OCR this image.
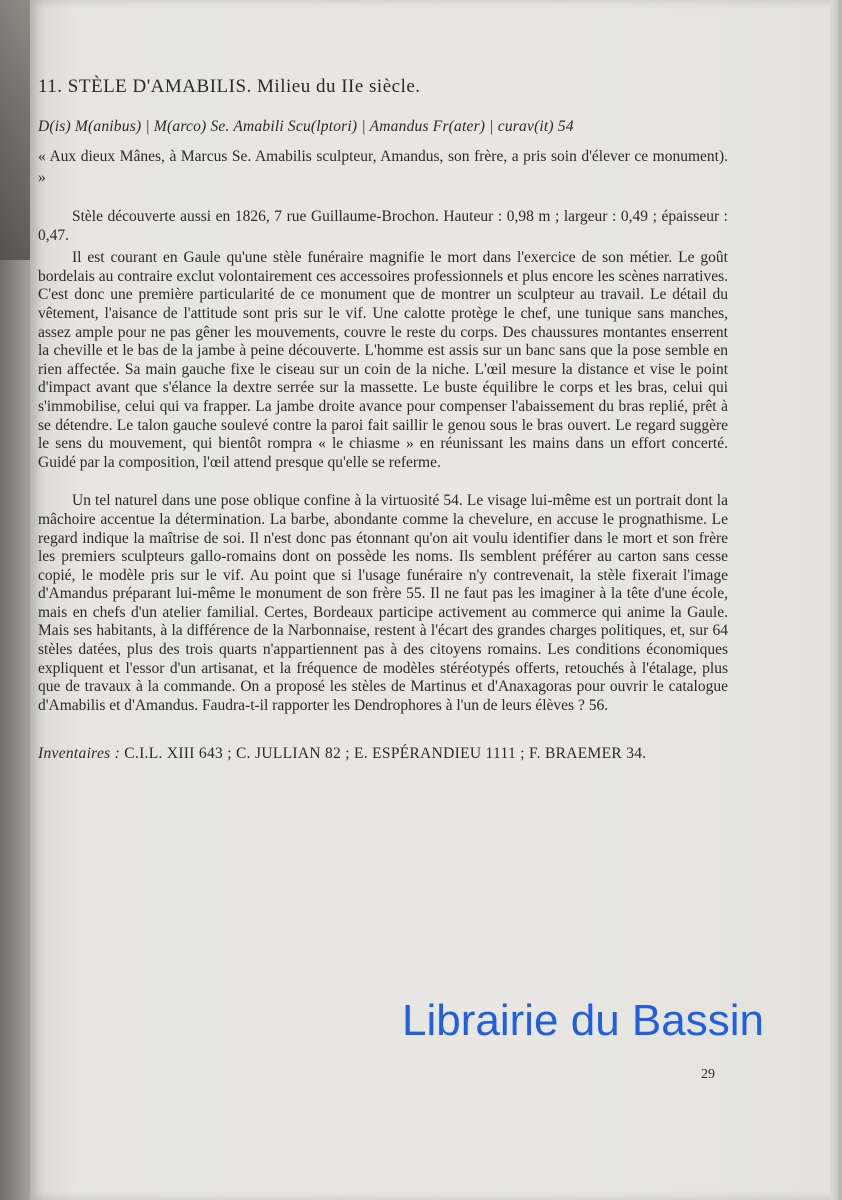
11. STÈLE D'AMABILIS. Milieu du IIe siècle.
D(is) M(anibus) | M(arco) Se. Amabili Scu(lptori) | Amandus Fr(ater) | curav(it) 54
« Aux dieux Mânes, à Marcus Se. Amabilis sculpteur, Amandus, son frère, a pris soin d'élever ce monument). »

Stèle découverte aussi en 1826, 7 rue Guillaume-Brochon. Hauteur : 0,98 m ; largeur : 0,49 ; épaisseur : 0,47.

Il est courant en Gaule qu'une stèle funéraire magnifie le mort dans l'exercice de son métier. Le goût bordelais au contraire exclut volontairement ces accessoires professionnels et plus encore les scènes narratives. C'est donc une première particularité de ce monument que de montrer un sculpteur au travail. Le détail du vêtement, l'aisance de l'attitude sont pris sur le vif. Une calotte protège le chef, une tunique sans manches, assez ample pour ne pas gêner les mouvements, couvre le reste du corps. Des chaussures montantes enserrent la cheville et le bas de la jambe à peine découverte. L'homme est assis sur un banc sans que la pose semble en rien affectée. Sa main gauche fixe le ciseau sur un coin de la niche. L'œil mesure la distance et vise le point d'impact avant que s'élance la dextre serrée sur la massette. Le buste équilibre le corps et les bras, celui qui s'immobilise, celui qui va frapper. La jambe droite avance pour compenser l'abaissement du bras replié, prêt à se détendre. Le talon gauche soulevé contre la paroi fait saillir le genou sous le bras ouvert. Le regard suggère le sens du mouvement, qui bientôt rompra « le chiasme » en réunissant les mains dans un effort concerté. Guidé par la composition, l'œil attend presque qu'elle se referme.

Un tel naturel dans une pose oblique confine à la virtuosité 54. Le visage lui-même est un portrait dont la mâchoire accentue la détermination. La barbe, abondante comme la chevelure, en accuse le prognathisme. Le regard indique la maîtrise de soi. Il n'est donc pas étonnant qu'on ait voulu identifier dans le mort et son frère les premiers sculpteurs gallo-romains dont on possède les noms. Ils semblent préférer au carton sans cesse copié, le modèle pris sur le vif. Au point que si l'usage funéraire n'y contrevenait, la stèle fixerait l'image d'Amandus préparant lui-même le monument de son frère 55. Il ne faut pas les imaginer à la tête d'une école, mais en chefs d'un atelier familial. Certes, Bordeaux participe activement au commerce qui anime la Gaule. Mais ses habitants, à la différence de la Narbonnaise, restent à l'écart des grandes charges politiques, et, sur 64 stèles datées, plus des trois quarts n'appartiennent pas à des citoyens romains. Les conditions économiques expliquent et l'essor d'un artisanat, et la fréquence de modèles stéréotypés offerts, retouchés à l'étalage, plus que de travaux à la commande. On a proposé les stèles de Martinus et d'Anaxagoras pour ouvrir le catalogue d'Amabilis et d'Amandus. Faudra-t-il rapporter les Dendrophores à l'un de leurs élèves ? 56.

Inventaires : C.I.L. XIII 643 ; C. JULLIAN 82 ; E. ESPÉRANDIEU 1111 ; F. BRAEMER 34.
Librairie du Bassin
29
